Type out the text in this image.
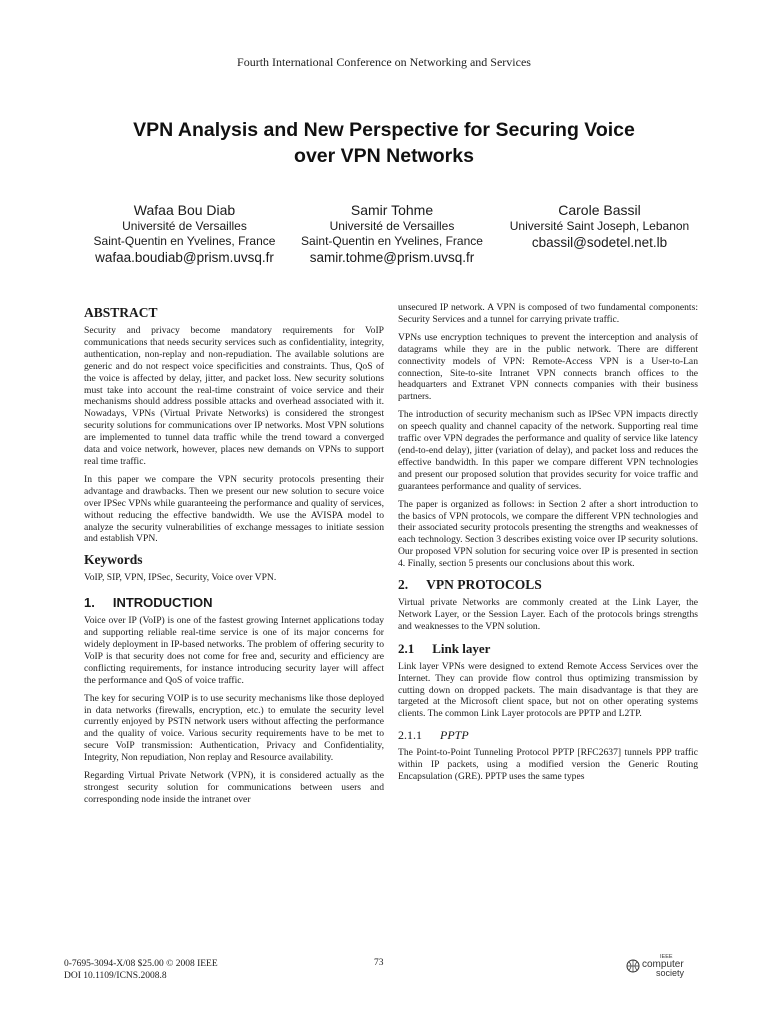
Fourth International Conference on Networking and Services
VPN Analysis and New Perspective for Securing Voice
over VPN Networks
Wafaa Bou Diab
Université de Versailles
Saint-Quentin en Yvelines, France
wafaa.boudiab@prism.uvsq.fr
Samir Tohme
Université de Versailles
Saint-Quentin en Yvelines, France
samir.tohme@prism.uvsq.fr
Carole Bassil
Université Saint Joseph, Lebanon
cbassil@sodetel.net.lb
ABSTRACT

Security and privacy become mandatory requirements for VoIP communications that needs security services such as confidentiality, integrity, authentication, non-replay and non-repudiation. The available solutions are generic and do not respect voice specificities and constraints. Thus, QoS of the voice is affected by delay, jitter, and packet loss. New security solutions must take into account the real-time constraint of voice service and their mechanisms should address possible attacks and overhead associated with it. Nowadays, VPNs (Virtual Private Networks) is considered the strongest security solutions for communications over IP networks. Most VPN solutions are implemented to tunnel data traffic while the trend toward a converged data and voice network, however, places new demands on VPNs to support real time traffic.

In this paper we compare the VPN security protocols presenting their advantage and drawbacks. Then we present our new solution to secure voice over IPSec VPNs while guaranteeing the performance and quality of services, without reducing the effective bandwidth. We use the AVISPA model to analyze the security vulnerabilities of exchange messages to initiate session and establish VPN.

Keywords

VoIP, SIP, VPN, IPSec, Security, Voice over VPN.

1. INTRODUCTION

Voice over IP (VoIP) is one of the fastest growing Internet applications today and supporting reliable real-time service is one of its major concerns for widely deployment in IP-based networks. The problem of offering security to VoIP is that security does not come for free and, security and efficiency are conflicting requirements, for instance introducing security layer will affect the performance and QoS of voice traffic.

The key for securing VOIP is to use security mechanisms like those deployed in data networks (firewalls, encryption, etc.) to emulate the security level currently enjoyed by PSTN network users without affecting the performance and the quality of voice. Various security requirements have to be met to secure VoIP transmission: Authentication, Privacy and Confidentiality, Integrity, Non repudiation, Non replay and Resource availability.

Regarding Virtual Private Network (VPN), it is considered actually as the strongest security solution for communications between users and corresponding node inside the intranet over

unsecured IP network. A VPN is composed of two fundamental components: Security Services and a tunnel for carrying private traffic.

VPNs use encryption techniques to prevent the interception and analysis of datagrams while they are in the public network. There are different connectivity models of VPN: Remote-Access VPN is a User-to-Lan connection, Site-to-site Intranet VPN connects branch offices to the headquarters and Extranet VPN connects companies with their business partners.

The introduction of security mechanism such as IPSec VPN impacts directly on speech quality and channel capacity of the network. Supporting real time traffic over VPN degrades the performance and quality of service like latency (end-to-end delay), jitter (variation of delay), and packet loss and reduces the effective bandwidth. In this paper we compare different VPN technologies and present our proposed solution that provides security for voice traffic and guarantees performance and quality of services.

The paper is organized as follows: in Section 2 after a short introduction to the basics of VPN protocols, we compare the different VPN technologies and their associated security protocols presenting the strengths and weaknesses of each technology. Section 3 describes existing voice over IP security solutions. Our proposed VPN solution for securing voice over IP is presented in section 4. Finally, section 5 presents our conclusions about this work.

2. VPN PROTOCOLS

Virtual private Networks are commonly created at the Link Layer, the Network Layer, or the Session Layer. Each of the protocols brings strengths and weaknesses to the VPN solution.

2.1 Link layer

Link layer VPNs were designed to extend Remote Access Services over the Internet. They can provide flow control thus optimizing transmission by cutting down on dropped packets. The main disadvantage is that they are targeted at the Microsoft client space, but not on other operating systems clients. The common Link Layer protocols are PPTP and L2TP.

2.1.1 PPTP

The Point-to-Point Tunneling Protocol PPTP [RFC2637] tunnels PPP traffic within IP packets, using a modified version the Generic Routing Encapsulation (GRE). PPTP uses the same types

0-7695-3094-X/08 $25.00 © 2008 IEEE
DOI 10.1109/ICNS.2008.8
73
IEEE
computer
society
